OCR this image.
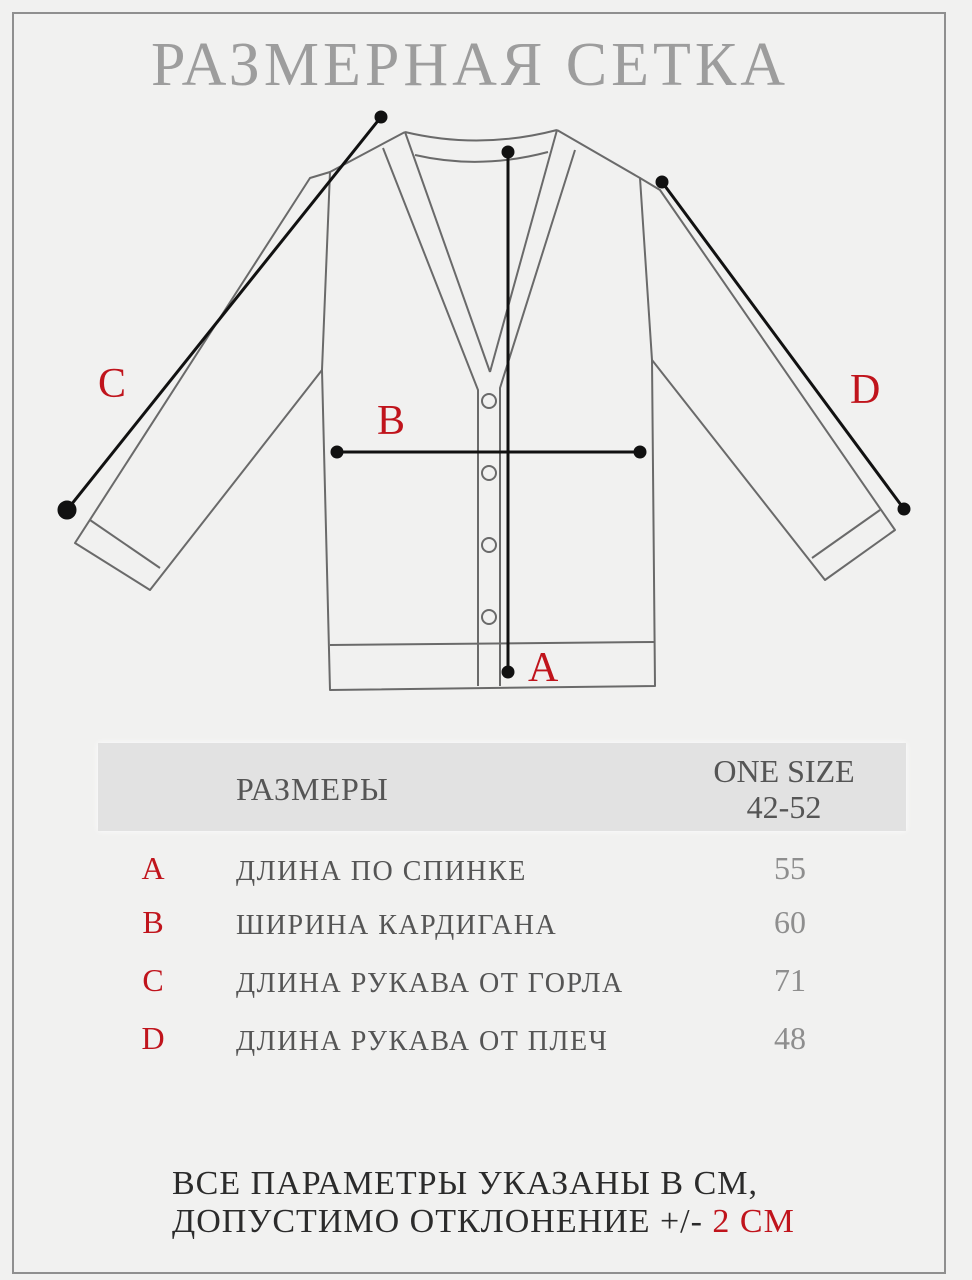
РАЗМЕРНАЯ СЕТКА
C
B
D
A
РАЗМЕРЫ	ONE SIZE
42-52
A	ДЛИНА ПО СПИНКЕ	55
B	ШИРИНА КАРДИГАНА	60
C	ДЛИНА РУКАВА ОТ ГОРЛА	71
D	ДЛИНА РУКАВА ОТ ПЛЕЧ	48
ВСЕ ПАРАМЕТРЫ УКАЗАНЫ В СМ,
ДОПУСТИМО ОТКЛОНЕНИЕ +/- 2 СМ
